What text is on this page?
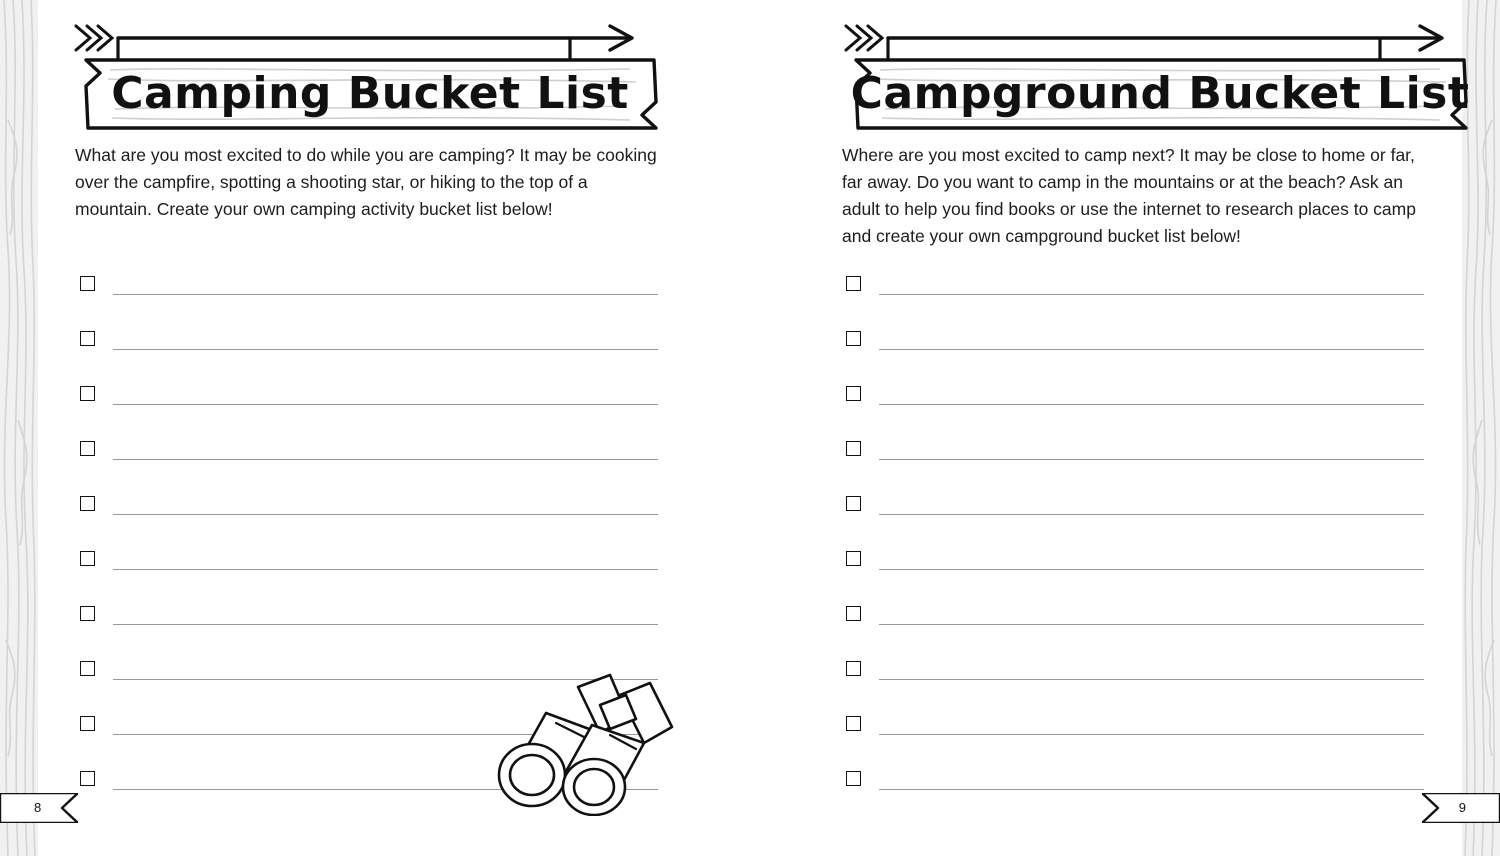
Camping Bucket List
What are you most excited to do while you are camping? It may be cooking over the campfire, spotting a shooting star, or hiking to the top of a mountain. Create your own camping activity bucket list below!
8
Campground Bucket List
Where are you most excited to camp next? It may be close to home or far, far away. Do you want to camp in the mountains or at the beach? Ask an adult to help you find books or use the internet to research places to camp and create your own campground bucket list below!
9
